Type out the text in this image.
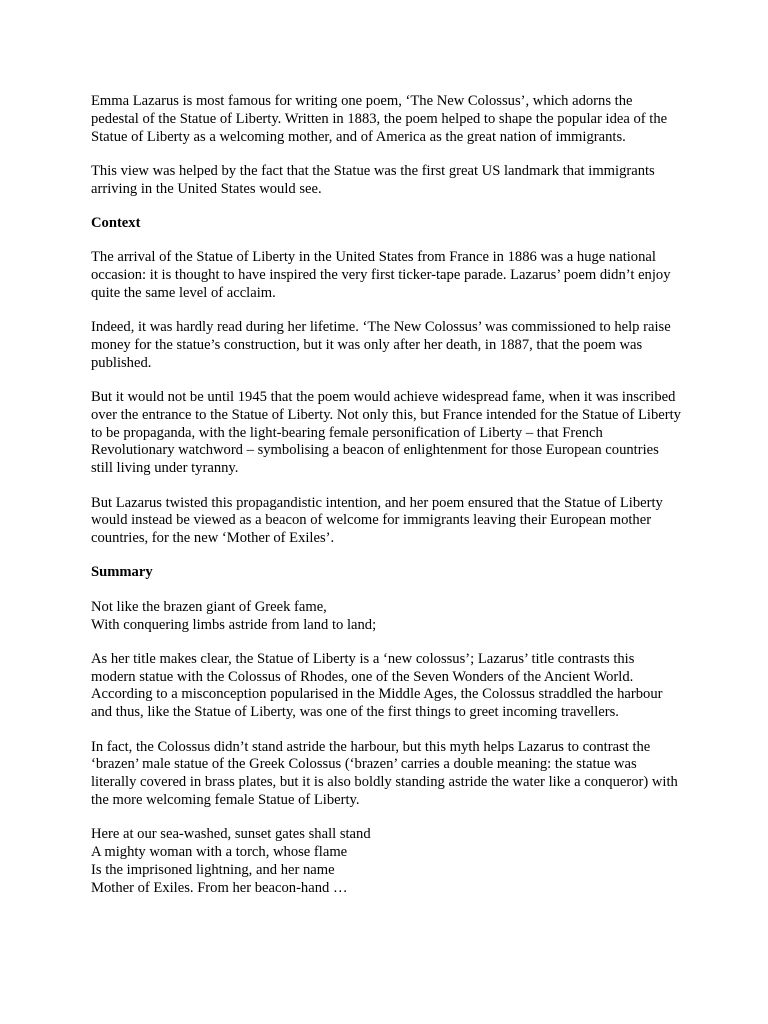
Emma Lazarus is most famous for writing one poem, ‘The New Colossus’, which adorns the pedestal of the Statue of Liberty. Written in 1883, the poem helped to shape the popular idea of the Statue of Liberty as a welcoming mother, and of America as the great nation of immigrants.

This view was helped by the fact that the Statue was the first great US landmark that immigrants arriving in the United States would see.

Context

The arrival of the Statue of Liberty in the United States from France in 1886 was a huge national occasion: it is thought to have inspired the very first ticker-tape parade. Lazarus’ poem didn’t enjoy quite the same level of acclaim.

Indeed, it was hardly read during her lifetime. ‘The New Colossus’ was commissioned to help raise money for the statue’s construction, but it was only after her death, in 1887, that the poem was published.

But it would not be until 1945 that the poem would achieve widespread fame, when it was inscribed over the entrance to the Statue of Liberty. Not only this, but France intended for the Statue of Liberty to be propaganda, with the light-bearing female personification of Liberty – that French Revolutionary watchword – symbolising a beacon of enlightenment for those European countries still living under tyranny.

But Lazarus twisted this propagandistic intention, and her poem ensured that the Statue of Liberty would instead be viewed as a beacon of welcome for immigrants leaving their European mother countries, for the new ‘Mother of Exiles’.

Summary

Not like the brazen giant of Greek fame,
With conquering limbs astride from land to land;

As her title makes clear, the Statue of Liberty is a ‘new colossus’; Lazarus’ title contrasts this modern statue with the Colossus of Rhodes, one of the Seven Wonders of the Ancient World. According to a misconception popularised in the Middle Ages, the Colossus straddled the harbour and thus, like the Statue of Liberty, was one of the first things to greet incoming travellers.

In fact, the Colossus didn’t stand astride the harbour, but this myth helps Lazarus to contrast the ‘brazen’ male statue of the Greek Colossus (‘brazen’ carries a double meaning: the statue was literally covered in brass plates, but it is also boldly standing astride the water like a conqueror) with the more welcoming female Statue of Liberty.

Here at our sea-washed, sunset gates shall stand
A mighty woman with a torch, whose flame
Is the imprisoned lightning, and her name
Mother of Exiles. From her beacon-hand …
